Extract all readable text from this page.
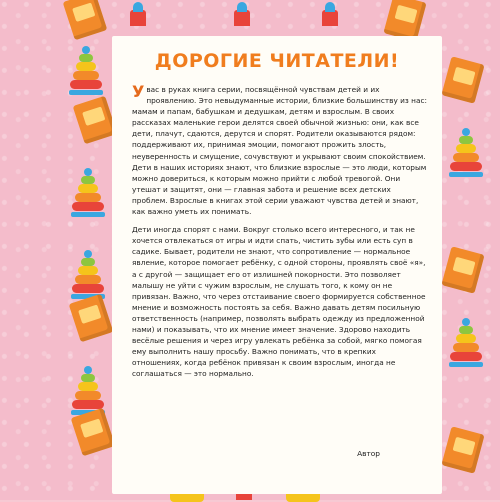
★
★
ДОРОГИЕ ЧИТАТЕЛИ!

Увас в руках книга серии, посвящённой чувствам детей и их проявлению. Это невыдуманные истории, близкие большинству из нас: мамам и папам, бабушкам и дедушкам, детям и взрослым. В своих рассказах маленькие герои делятся своей обычной жизнью: они, как все дети, плачут, сдаются, дерутся и спорят. Родители оказываются рядом: поддерживают их, принимая эмоции, помогают прожить злость, неуверенность и смущение, сочувствуют и укрывают своим спокойствием. Дети в наших историях знают, что близкие взрослые — это люди, которым можно довериться, к которым можно прийти с любой тревогой. Они утешат и защитят, они — главная забота и решение всех детских проблем. Взрослые в книгах этой серии уважают чувства детей и знают, как важно уметь их понимать.

Дети иногда спорят с нами. Вокруг столько всего интересного, и так не хочется отвлекаться от игры и идти спать, чистить зубы или есть суп в садике. Бывает, родители не знают, что сопротивление — нормальное явление, которое помогает ребёнку, с одной стороны, проявлять своё «я», а с другой — защищает его от излишней покорности. Это позволяет малышу не уйти с чужим взрослым, не слушать того, к кому он не привязан. Важно, что через отстаивание своего формируется собственное мнение и возможность постоять за себя. Важно давать детям посильную ответственность (например, позволять выбрать одежду из предложенной нами) и показывать, что их мнение имеет значение. Здорово находить весёлые решения и через игру увлекать ребёнка за собой, мягко помогая ему выполнить нашу просьбу. Важно понимать, что в крепких отношениях, когда ребёнок привязан к своим взрослым, иногда не соглашаться — это нормально.

Автор
